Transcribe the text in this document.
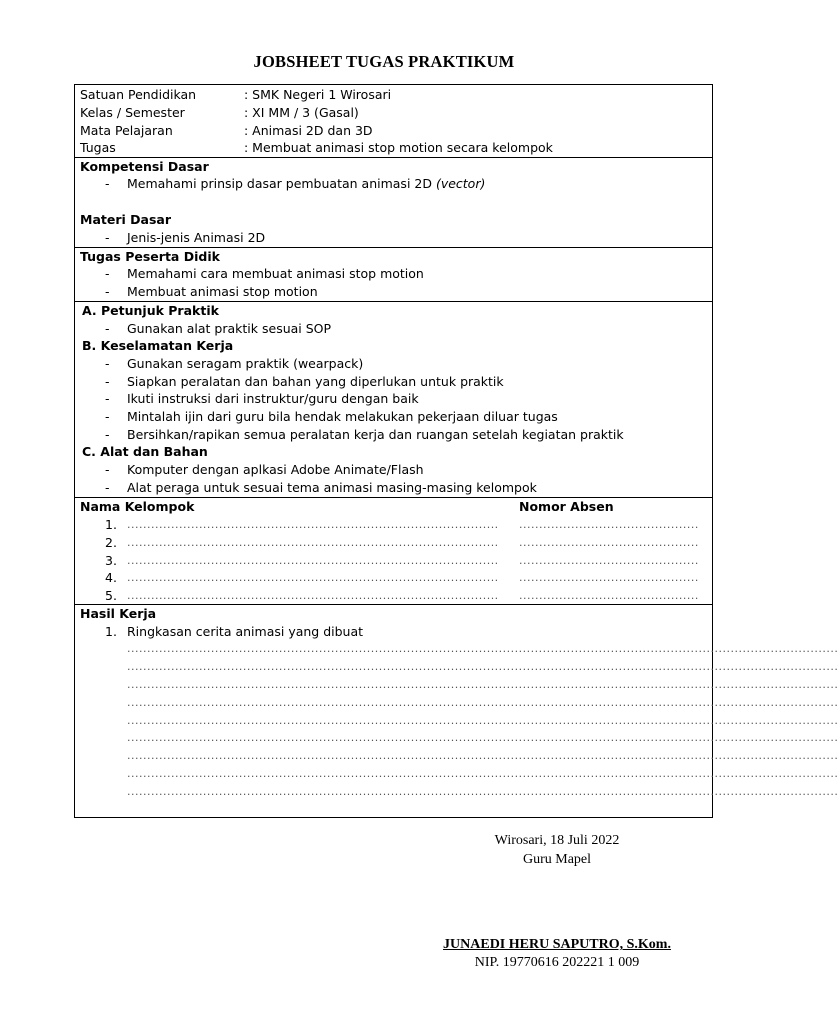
JOBSHEET TUGAS PRAKTIKUM
Satuan Pendidikan	: SMK Negeri 1 Wirosari
Kelas / Semester	: XI MM / 3 (Gasal)
Mata Pelajaran	: Animasi 2D dan 3D
Tugas	: Membuat animasi stop motion secara kelompok
Kompetensi Dasar
- Memahami prinsip dasar pembuatan animasi 2D (vector)
Materi Dasar
- Jenis-jenis Animasi 2D
Tugas Peserta Didik
- Memahami cara membuat animasi stop motion
- Membuat animasi stop motion
A. Petunjuk Praktik
- Gunakan alat praktik sesuai SOP
B. Keselamatan Kerja
- Gunakan seragam praktik (wearpack)
- Siapkan peralatan dan bahan yang diperlukan untuk praktik
- Ikuti instruksi dari instruktur/guru dengan baik
- Mintalah ijin dari guru bila hendak melakukan pekerjaan diluar tugas
- Bersihkan/rapikan semua peralatan kerja dan ruangan setelah kegiatan praktik
C. Alat dan Bahan
- Komputer dengan aplkasi Adobe Animate/Flash
- Alat peraga untuk sesuai tema animasi masing-masing kelompok
Nama Kelompok	Nomor Absen
1. ............................................................................................. .............................................
2. ............................................................................................. .............................................
3. ............................................................................................. .............................................
4. ............................................................................................. .............................................
5. ............................................................................................. .............................................
Hasil Kerja
1. Ringkasan cerita animasi yang dibuat
..................................................................................................................................................................................
..................................................................................................................................................................................
..................................................................................................................................................................................
..................................................................................................................................................................................
..................................................................................................................................................................................
..................................................................................................................................................................................
..................................................................................................................................................................................
..................................................................................................................................................................................
..................................................................................................................................................................................
Wirosari, 18 Juli 2022
Guru Mapel
JUNAEDI HERU SAPUTRO, S.Kom.
NIP. 19770616 202221 1 009
